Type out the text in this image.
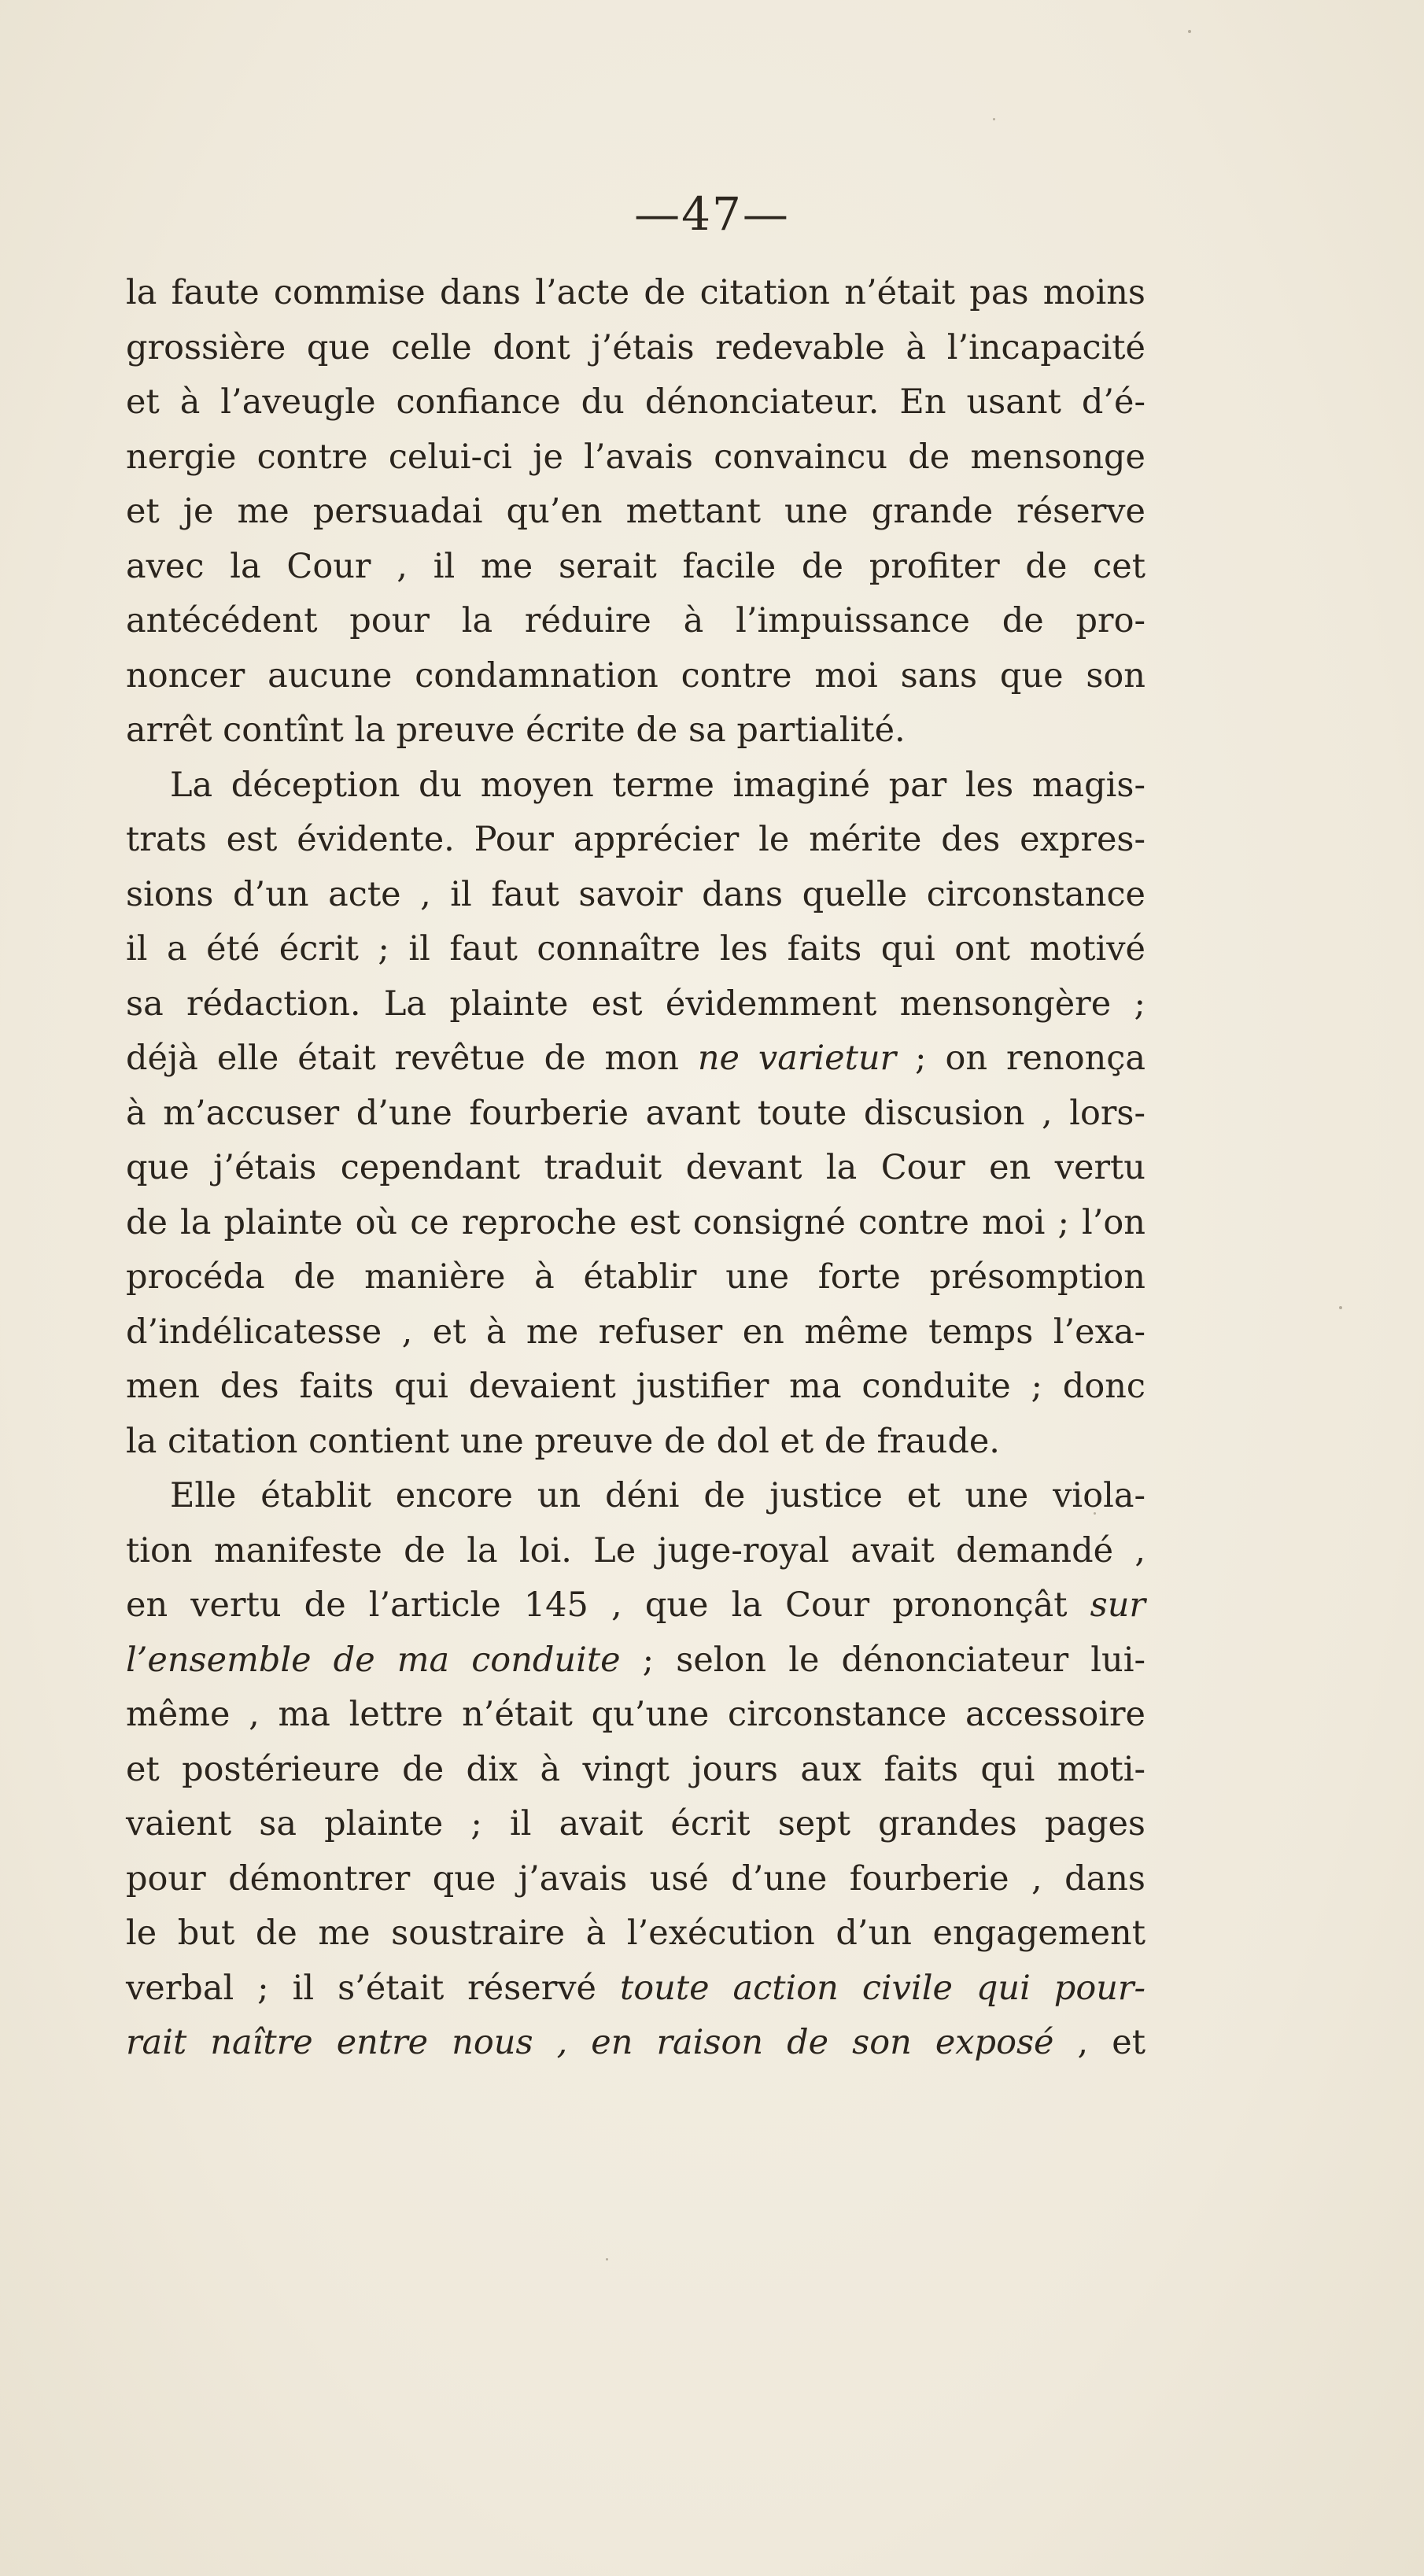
—47—
la faute commise dans l’acte de citation n’était pas moins
grossière que celle dont j’étais redevable à l’incapacité
et à l’aveugle confiance du dénonciateur. En usant d’é-
nergie contre celui-ci je l’avais convaincu de mensonge
et je me persuadai qu’en mettant une grande réserve
avec la Cour , il me serait facile de profiter de cet
antécédent pour la réduire à l’impuissance de pro-
noncer aucune condamnation contre moi sans que son
arrêt contînt la preuve écrite de sa partialité.
La déception du moyen terme imaginé par les magis-
trats est évidente. Pour apprécier le mérite des expres-
sions d’un acte , il faut savoir dans quelle circonstance
il a été écrit ; il faut connaître les faits qui ont motivé
sa rédaction. La plainte est évidemment mensongère ;
déjà elle était revêtue de mon ne varietur ; on renonça
à m’accuser d’une fourberie avant toute discusion , lors-
que j’étais cependant traduit devant la Cour en vertu
de la plainte où ce reproche est consigné contre moi ; l’on
procéda de manière à établir une forte présomption
d’indélicatesse , et à me refuser en même temps l’exa-
men des faits qui devaient justifier ma conduite ; donc
la citation contient une preuve de dol et de fraude.
Elle établit encore un déni de justice et une viola-
tion manifeste de la loi. Le juge-royal avait demandé ,
en vertu de l’article 145 , que la Cour prononçât sur
l’ensemble de ma conduite ; selon le dénonciateur lui-
même , ma lettre n’était qu’une circonstance accessoire
et postérieure de dix à vingt jours aux faits qui moti-
vaient sa plainte ; il avait écrit sept grandes pages
pour démontrer que j’avais usé d’une fourberie , dans
le but de me soustraire à l’exécution d’un engagement
verbal ; il s’était réservé toute action civile qui pour-
rait naître entre nous , en raison de son exposé , et
